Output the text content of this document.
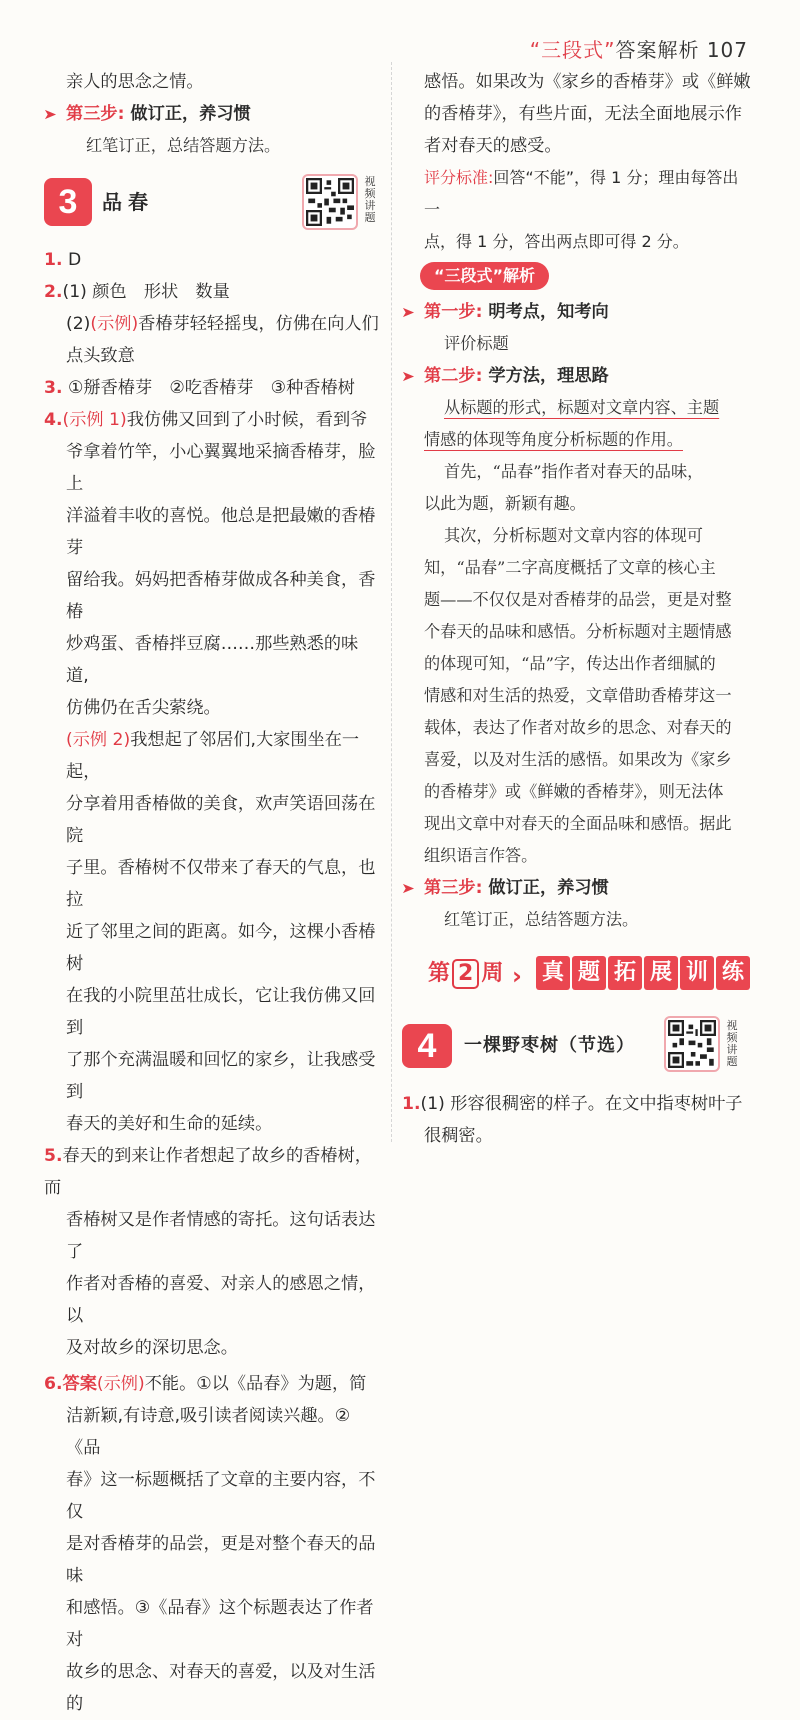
“三段式”答案解析 107

亲人的思念之情。

第三步: 做订正，养习惯

红笔订正，总结答题方法。

3	品春
视频讲题

1. D

2.(1) 颜色　形状　数量

(2)(示例)香椿芽轻轻摇曳，仿佛在向人们

点头致意

3. ①掰香椿芽　②吃香椿芽　③种香椿树

4.(示例 1)我仿佛又回到了小时候，看到爷

爷拿着竹竿，小心翼翼地采摘香椿芽，脸上

洋溢着丰收的喜悦。他总是把最嫩的香椿芽

留给我。妈妈把香椿芽做成各种美食，香椿

炒鸡蛋、香椿拌豆腐……那些熟悉的味道,

仿佛仍在舌尖萦绕。

(示例 2)我想起了邻居们,大家围坐在一起，

分享着用香椿做的美食，欢声笑语回荡在院

子里。香椿树不仅带来了春天的气息，也拉

近了邻里之间的距离。如今，这棵小香椿树

在我的小院里茁壮成长，它让我仿佛又回到

了那个充满温暖和回忆的家乡，让我感受到

春天的美好和生命的延续。

5.春天的到来让作者想起了故乡的香椿树，而

香椿树又是作者情感的寄托。这句话表达了

作者对香椿的喜爱、对亲人的感恩之情，以

及对故乡的深切思念。

6.答案(示例)不能。①以《品春》为题，简

洁新颖,有诗意,吸引读者阅读兴趣。②《品

春》这一标题概括了文章的主要内容，不仅

是对香椿芽的品尝，更是对整个春天的品味

和感悟。③《品春》这个标题表达了作者对

故乡的思念、对春天的喜爱，以及对生活的

感悟。如果改为《家乡的香椿芽》或《鲜嫩

的香椿芽》，有些片面，无法全面地展示作

者对春天的感受。

评分标准:回答“不能”，得 1 分；理由每答出一

点，得 1 分，答出两点即可得 2 分。

“三段式”解析

第一步: 明考点，知考向

评价标题

第二步: 学方法，理思路

从标题的形式，标题对文章内容、主题

情感的体现等角度分析标题的作用。

首先，“品春”指作者对春天的品味，

以此为题，新颖有趣。

其次，分析标题对文章内容的体现可

知，“品春”二字高度概括了文章的核心主

题——不仅仅是对香椿芽的品尝，更是对整

个春天的品味和感悟。分析标题对主题情感

的体现可知，“品”字，传达出作者细腻的

情感和对生活的热爱，文章借助香椿芽这一

载体，表达了作者对故乡的思念、对春天的

喜爱，以及对生活的感悟。如果改为《家乡

的香椿芽》或《鲜嫩的香椿芽》，则无法体

现出文章中对春天的全面品味和感悟。据此

组织语言作答。

第三步: 做订正，养习惯

红笔订正，总结答题方法。

第 2 周 › 真 题 拓 展 训 练
4	一棵野枣树（节选）
视频讲题

1.(1) 形容很稠密的样子。在文中指枣树叶子

很稠密。
